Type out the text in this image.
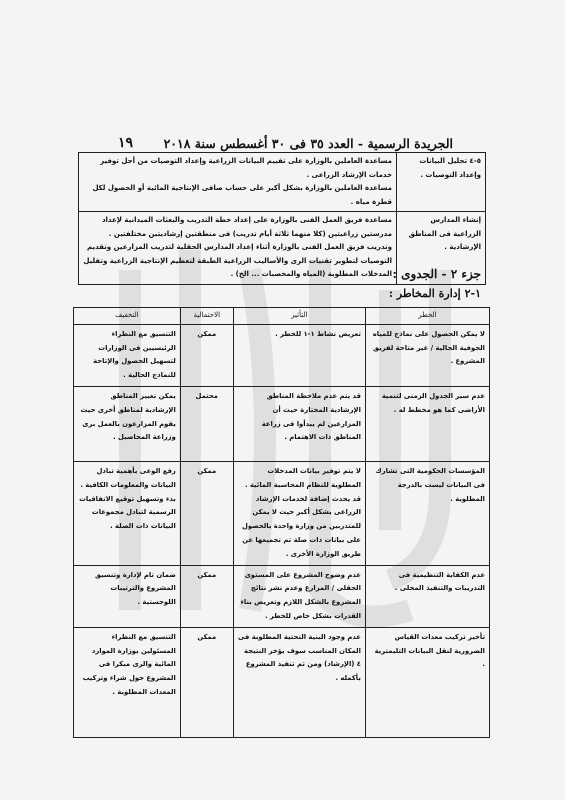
الجريدة الرسمية - العدد ٣٥ فى ٣٠ أغسطس سنة ٢٠١٨
١٩
٥-٤ تحليل البيانات وإعداد التوصيات .	مساعدة العاملين بالوزارة على تقييم البيانات الزراعية وإعداد التوصيات من أجل توفير خدمات الإرشاد الزراعى .
مساعدة العاملين بالوزارة بشكل أكبر على حساب صافى الإنتاجية المائية أو الحصول لكل قطرة مياه .

إنشاء المدارس الزراعية فى المناطق الإرشادية .	مساعدة فريق العمل الفنى بالوزارة على إعداد خطة التدريب والبعثات الميدانية لإعداد مدرستين زراعيتين (كلا منهما ثلاثة أيام تدريب) فى منطقتين إرشاديتين مختلفتين . وتدريب فريق العمل الفنى بالوزارة أثناء إعداد المدارس الحقلية لتدريب المزارعين وتقديم التوصيات لتطوير تقنيات الرى والأساليب الزراعية الطبقة لتعظيم الإنتاجية الزراعية وتقليل المدخلات المطلوبة (المياه والمخصبات ... الخ) . جزء ٢ - الجدوى :
١-٢ إدارة المخاطر :
الخطر	التأثير	الاحتمالية	التخفيف
لا يمكن الحصول على نماذج للمياه الجوفية الحالية / غير متاحة لفريق المشروع .	تعريض نشاط ١-١ للخطر .	ممكن	التنسيق مع النظراء الرئيسيين فى الوزارات لتسهيل الحصول والإتاحة للنماذج الحالية .
عدم سير الجدول الزمنى لتنمية الأراضى كما هو مخطط له .	قد يتم عدم ملاحظة المناطق الإرشادية المختارة حيث أن المزارعين لم يبدأوا فى زراعة المناطق ذات الاهتمام .	محتمل	يمكن تغيير المناطق الإرشادية لمناطق أخرى حيث يقوم المزارعون بالعمل برى وزراعة المحاصيل .
المؤسسات الحكومية التى تشارك فى البيانات ليست بالدرجة المطلوبة .	لا يتم توفير بيانات المدخلات المطلوبة للنظام المحاسبة المائية . قد يحدث إضافة لخدمات الإرشاد الزراعى بشكل أكبر حيث لا يمكن للمتدربين من وزارة واحدة بالحصول على بيانات ذات صلة تم تجميعها عن طريق الوزارة الأخرى .	ممكن	رفع الوعى بأهمية تبادل البيانات والمعلومات الكافية . بدء وتسهيل توقيع الاتفاقيات الرسمية لتبادل مجموعات البيانات ذات الصلة .
عدم الكفاية التنظيمية فى التدريبات والتنفيذ المحلى .	عدم وضوح المشروع على المستوى الحقلى / المزارع وعدم نشر نتائج المشروع بالشكل اللازم وتعريض بناء القدرات بشكل خاص للخطر .	ممكن	ضمان تام لإدارة وتنسيق المشروع والترتيبات اللوجستية .
تأخير تركيب معدات القياس الضرورية لنقل البيانات التليمترية .	عدم وجود البنية التحتية المطلوبة فى المكان المناسب سوف يؤخر النتيجة ٤ (الإرشاد) ومن ثم تنفيذ المشروع بأكمله .	ممكن	التنسيق مع النظراء المسئولين بوزارة الموارد المائية والرى مبكرا فى المشروع حول شراء وتركيب المعدات المطلوبة .
